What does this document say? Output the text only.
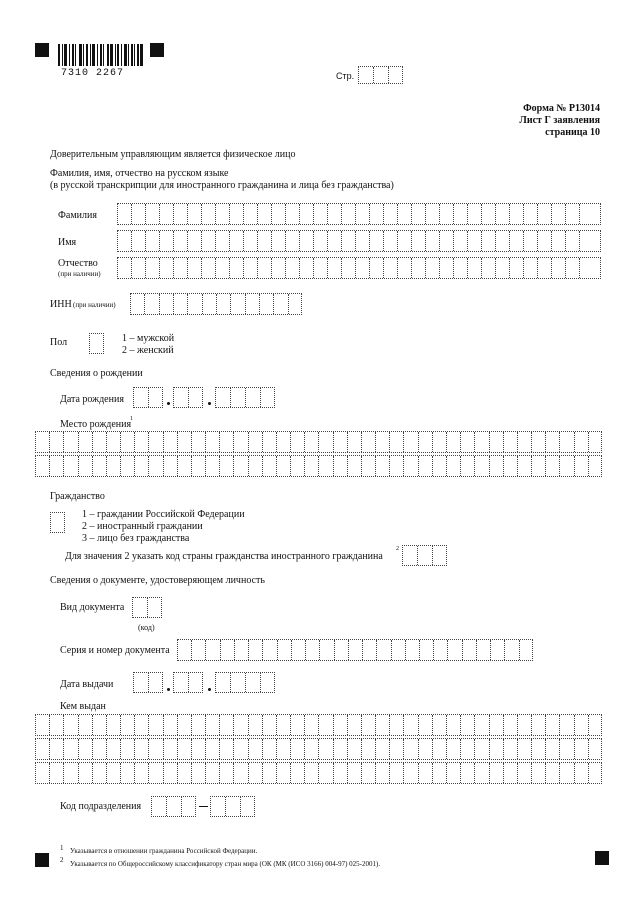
7310 2267	Стр.
Форма № Р13014
Лист Г заявления
страница 10
Доверительным управляющим является физическое лицо
Фамилия, имя, отчество на русском языке
(в русской транскрипции для иностранного гражданина и лица без гражданства)
Фамилия
Имя
Отчество
(при наличии)
ИНН (при наличии)
Пол	1 – мужской
2 – женский
Сведения о рождении
Дата рождения
Место рождения
1
Гражданство
1 – граждании Российской Федерации
2 – иностранный граждании
3 – лицо без гражданства
Для значения 2 указать код страны гражданства иностранного гражданина
2
Сведения о документе, удостоверяющем личность
Вид документа
(код)
Серия и номер документа
Дата выдачи
Кем выдан
Код подразделения
1 Указывается в отношении гражданина Российской Федерации.
2 Указывается по Общероссийскому классификатору стран мира (ОК (МК (ИСО 3166) 004-97) 025-2001).
